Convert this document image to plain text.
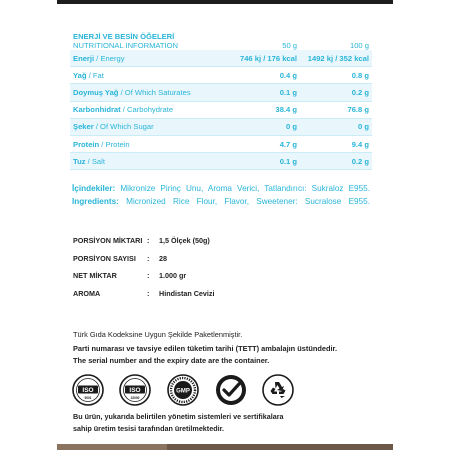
ENERJİ VE BESİN ÖĞELERİ		
NUTRITIONAL INFORMATION	50 g	100 g
Enerji / Energy	746 kj / 176 kcal	1492 kj / 352 kcal
Yağ / Fat	0.4 g	0.8 g
Doymuş Yağ / Of Which Saturates	0.1 g	0.2 g
Karbonhidrat / Carbohydrate	38.4 g	76.8 g
Şeker / Of Which Sugar	0 g	0 g
Protein / Protein	4.7 g	9.4 g
Tuz / Salt	0.1 g	0.2 g
İçindekiler: Mikronize Pirinç Unu, Aroma Verici, Tatlandırıcı: Sukraloz E955.
Ingredients: Micronized Rice Flour, Flavor, Sweetener: Sucralose E955.
PORSİYON MİKTARI	:	1,5 Ölçek (50g)
PORSİYON SAYISI	:	28
NET MİKTAR	:	1.000 gr
AROMA	:	Hindistan Cevizi
Türk Gıda Kodeksine Uygun Şekilde Paketlenmiştir.
Parti numarası ve tavsiye edilen tüketim tarihi (TETT) ambalajın üstündedir.
The serial number and the expiry date are the container.
ISO
9001
ISO
22000
GMP
Bu ürün, yukarıda belirtilen yönetim sistemleri ve sertifikalara
sahip üretim tesisi tarafından üretilmektedir.
